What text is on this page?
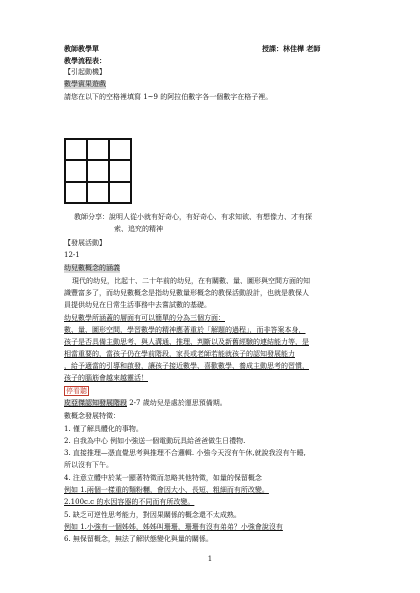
教師教學單	授課：林佳樺 老師
教學流程表：
【引起動機】
數學賓果遊戲
請您在以下的空格裡填寫 1~9 的阿拉伯數字各一個數字在格子裡。
教師分享：說明人從小就有好奇心，有好奇心、有求知欲、有想像力、才有探
索、追究的精神
【發展活動】
12-1
幼兒數概念的涵義
現代的幼兒，比起十、二十年前的幼兒，在有關數、量、圖形與空間方面的知
識豐富多了，而幼兒數概念是指幼兒數量形概念的教保活動設計，也就是教保人
員提供幼兒在日常生活事務中去嘗試數的基礎。
幼兒數學所涵蓋的層面有可以簡單的分為三個方面：
數、量、圖形空間，學習數學的精神應著重於「解題的過程」，而非答案本身，
孩子是否具備主動思考、與人溝通、推理、判斷以及新舊經驗的連結能力等，是
相當重要的，當孩子仍在學前階段，家長或老師若能就孩子的認知發展能力
，給予適當的引導和啟發，讓孩子接近數學、喜歡數學、養成主動思考的習慣，
孩子的腦筋會越來越靈活！
停看聽
皮亞傑認知發展階段 2-7 歲幼兒是處於運思預備期。
數概念發展特徵：
1. 僅了解具體化的事物。
2. 自我為中心 例如小強送一個電動玩具給爸爸做生日禮物.
3. 直接推理—憑直覺思考與推理不合邏輯. 小強今天沒有午休,就說我沒有午睡,
所以沒有下午。
4. 注意立體中於某一顯著特徵而忽略其他特徵，如量的保留概念
例如 1.兩個一樣重的麵粉糰，會因大小、長短、粗細而有所改變。
2.100c.c 的水因容器的不同而有所改變。
5. 缺乏可逆性思考能力，對因果關係的概念還不太成熟。
例如 1.小強有一個姊姊，姊姊叫珊珊，珊珊有沒有弟弟？小強會說沒有
6. 無保留概念，無法了解狀態變化與量的關係。
1
